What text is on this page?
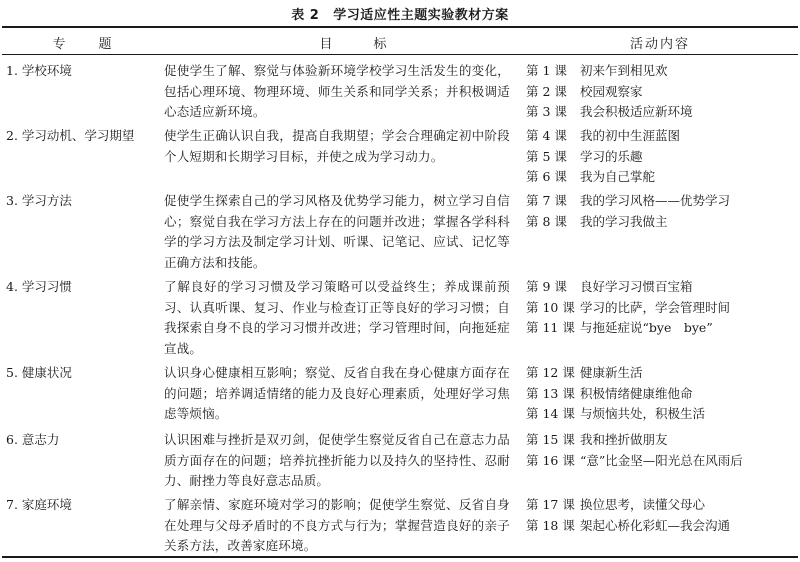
表 2 学习适应性主题实验教材方案
专　题	目　标	活动内容
1. 学校环境	促使学生了解、察觉与体验新环境学校学习生活发生的变化，包括心理环境、物理环境、师生关系和同学关系；并积极调适心态适应新环境。
第 1 课	初来乍到相见欢
第 2 课	校园观察家
第 3 课	我会积极适应新环境
2. 学习动机、学习期望 使学生正确认识自我，提高自我期望；学会合理确定初中阶段个人短期和长期学习目标，并使之成为学习动力。
第 4 课	我的初中生涯蓝图
第 5 课	学习的乐趣
第 6 课	我为自己掌舵
3. 学习方法	促使学生探索自己的学习风格及优势学习能力，树立学习自信心；察觉自我在学习方法上存在的问题并改进；掌握各学科科学的学习方法及制定学习计划、听课、记笔记、应试、记忆等正确方法和技能。
第 7 课	我的学习风格——优势学习
第 8 课	我的学习我做主
4. 学习习惯	了解良好的学习习惯及学习策略可以受益终生；养成课前预习、认真听课、复习、作业与检查订正等良好的学习习惯；自我探索自身不良的学习习惯并改进；学习管理时间，向拖延症宣战。
第 9 课	良好学习习惯百宝箱
第 10 课 学习的比萨，学会管理时间
第 11 课 与拖延症说“bye　bye”
5. 健康状况	认识身心健康相互影响；察觉、反省自我在身心健康方面存在的问题；培养调适情绪的能力及良好心理素质，处理好学习焦虑等烦恼。
第 12 课 健康新生活
第 13 课 积极情绪健康维他命
第 14 课 与烦恼共处，积极生活
6. 意志力	认识困难与挫折是双刃剑，促使学生察觉反省自己在意志力品质方面存在的问题；培养抗挫折能力以及持久的坚持性、忍耐力、耐挫力等良好意志品质。
第 15 课 我和挫折做朋友
第 16 课 “意”比金坚—阳光总在风雨后
7. 家庭环境	了解亲情、家庭环境对学习的影响；促使学生察觉、反省自身在处理与父母矛盾时的不良方式与行为；掌握营造良好的亲子关系方法，改善家庭环境。
第 17 课 换位思考，读懂父母心
第 18 课 架起心桥化彩虹—我会沟通
